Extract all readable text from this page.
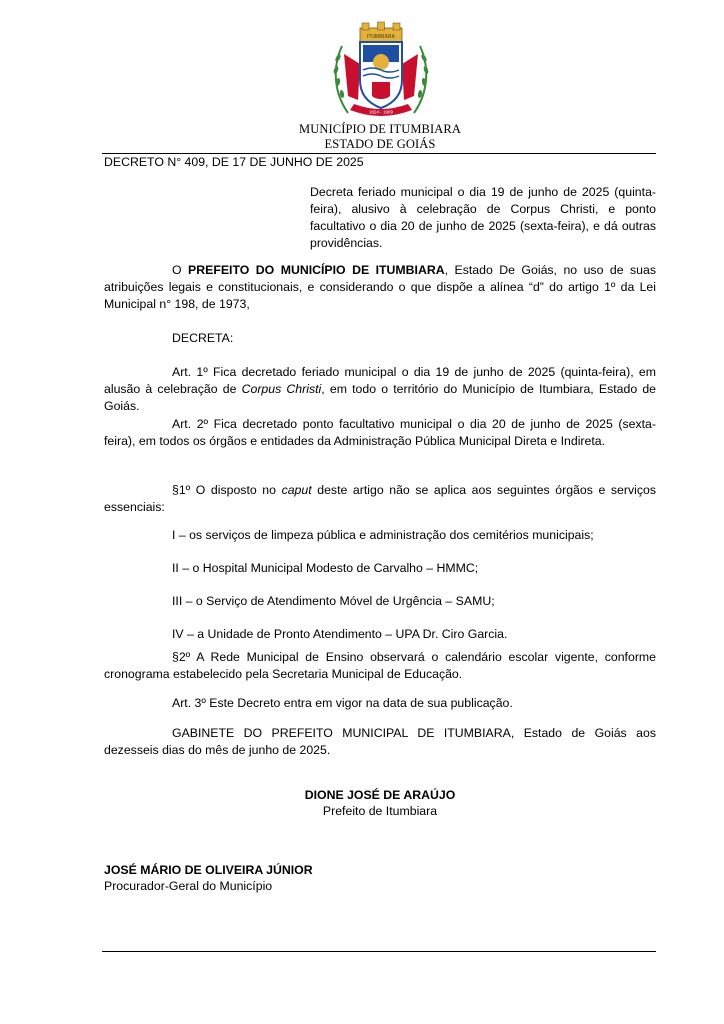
1824 - 1909
ITUMBIARA
MUNICÍPIO DE ITUMBIARA
ESTADO DE GOIÁS
DECRETO N° 409, DE 17 DE JUNHO DE 2025

Decreta feriado municipal o dia 19 de junho de 2025 (quinta-feira), alusivo à celebração de Corpus Christi, e ponto facultativo o dia 20 de junho de 2025 (sexta-feira), e dá outras providências.

O PREFEITO DO MUNICÍPIO DE ITUMBIARA, Estado De Goiás, no uso de suas atribuições legais e constitucionais, e considerando o que dispõe a alínea “d” do artigo 1º da Lei Municipal n° 198, de 1973,

DECRETA:

Art. 1º Fica decretado feriado municipal o dia 19 de junho de 2025 (quinta-feira), em alusão à celebração de Corpus Christi, em todo o território do Município de Itumbiara, Estado de Goiás.

Art. 2º Fica decretado ponto facultativo municipal o dia 20 de junho de 2025 (sexta-feira), em todos os órgãos e entidades da Administração Pública Municipal Direta e Indireta.

§1º O disposto no caput deste artigo não se aplica aos seguintes órgãos e serviços essenciais:

I – os serviços de limpeza pública e administração dos cemitérios municipais;

II – o Hospital Municipal Modesto de Carvalho – HMMC;

III – o Serviço de Atendimento Móvel de Urgência – SAMU;

IV – a Unidade de Pronto Atendimento – UPA Dr. Ciro Garcia.

§2º A Rede Municipal de Ensino observará o calendário escolar vigente, conforme cronograma estabelecido pela Secretaria Municipal de Educação.

Art. 3º Este Decreto entra em vigor na data de sua publicação.

GABINETE DO PREFEITO MUNICIPAL DE ITUMBIARA, Estado de Goiás aos dezesseis dias do mês de junho de 2025.

DIONE JOSÉ DE ARAÚJO
Prefeito de Itumbiara
JOSÉ MÁRIO DE OLIVEIRA JÚNIOR
Procurador-Geral do Município
